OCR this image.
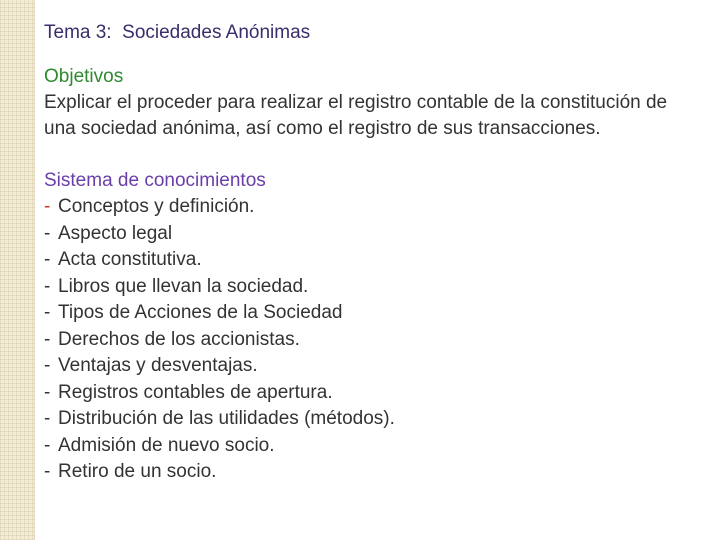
Tema 3:  Sociedades Anónimas

Objetivos

Explicar el proceder para realizar el registro contable de la constitución de una sociedad anónima, así como el registro de sus transacciones.

Sistema de conocimientos

- Conceptos y definición.
- Aspecto legal
- Acta constitutiva.
- Libros que llevan la sociedad.
- Tipos de Acciones de la Sociedad
- Derechos de los accionistas.
- Ventajas y desventajas.
- Registros contables de apertura.
- Distribución de las utilidades (métodos).
- Admisión de nuevo socio.
- Retiro de un socio.
